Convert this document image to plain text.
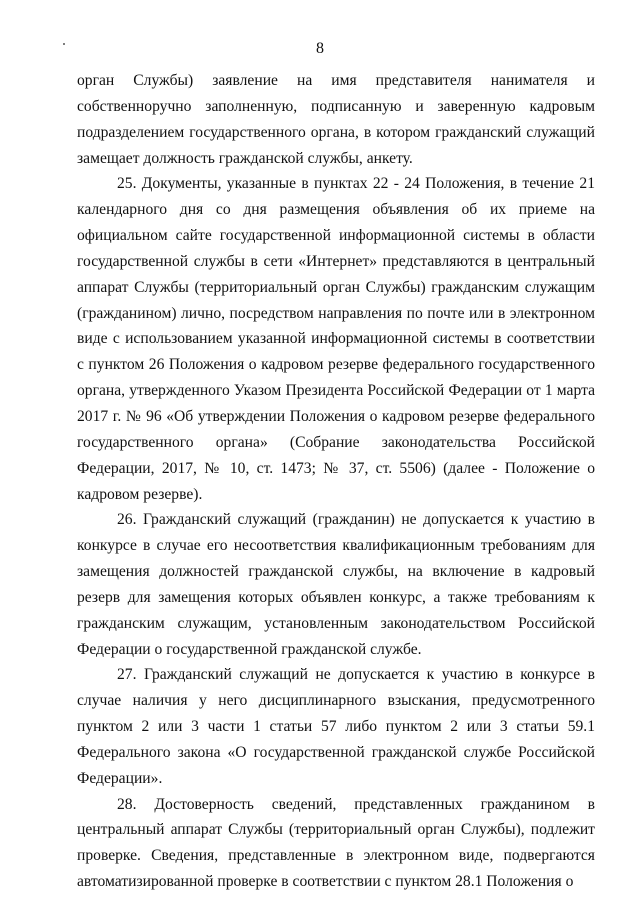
8

орган Службы) заявление на имя представителя нанимателя и собственноручно заполненную, подписанную и заверенную кадровым подразделением государственного органа, в котором гражданский служащий замещает должность гражданской службы, анкету.

25. Документы, указанные в пунктах 22 - 24 Положения, в течение 21 календарного дня со дня размещения объявления об их приеме на официальном сайте государственной информационной системы в области государственной службы в сети «Интернет» представляются в центральный аппарат Службы (территориальный орган Службы) гражданским служащим (гражданином) лично, посредством направления по почте или в электронном виде с использованием указанной информационной системы в соответствии с пунктом 26 Положения о кадровом резерве федерального государственного органа, утвержденного Указом Президента Российской Федерации от 1 марта 2017 г. № 96 «Об утверждении Положения о кадровом резерве федерального государственного органа» (Собрание законодательства Российской Федерации, 2017, № 10, ст. 1473; № 37, ст. 5506) (далее - Положение о кадровом резерве).

26. Гражданский служащий (гражданин) не допускается к участию в конкурсе в случае его несоответствия квалификационным требованиям для замещения должностей гражданской службы, на включение в кадровый резерв для замещения которых объявлен конкурс, а также требованиям к гражданским служащим, установленным законодательством Российской Федерации о государственной гражданской службе.

27. Гражданский служащий не допускается к участию в конкурсе в случае наличия у него дисциплинарного взыскания, предусмотренного пунктом 2 или 3 части 1 статьи 57 либо пунктом 2 или 3 статьи 59.1 Федерального закона «О государственной гражданской службе Российской Федерации».

28. Достоверность сведений, представленных гражданином в центральный аппарат Службы (территориальный орган Службы), подлежит проверке. Сведения, представленные в электронном виде, подвергаются автоматизированной проверке в соответствии с пунктом 28.1 Положения о
